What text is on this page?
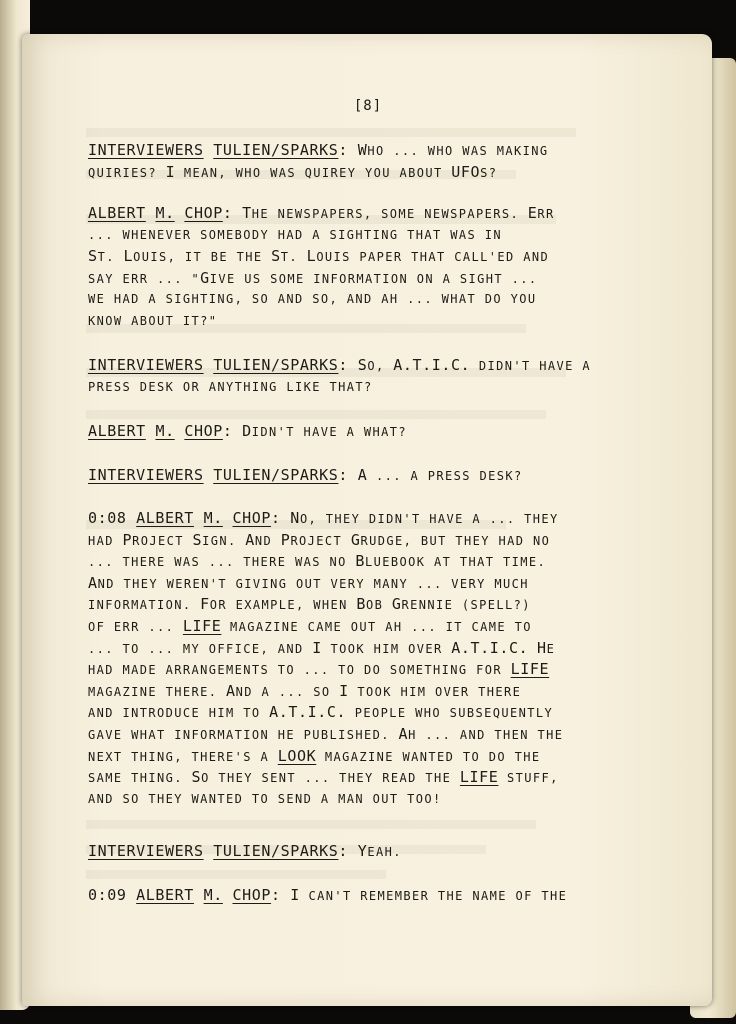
[8]
INTERVIEWERS TULIEN/SPARKS: WHO ... WHO WAS MAKING
QUIRIES? I MEAN, WHO WAS QUIREY YOU ABOUT UFOS?
ALBERT M. CHOP: THE NEWSPAPERS, SOME NEWSPAPERS. ERR
... WHENEVER SOMEBODY HAD A SIGHTING THAT WAS IN
ST. LOUIS, IT BE THE ST. LOUIS PAPER THAT CALL'ED AND
SAY ERR ... "GIVE US SOME INFORMATION ON A SIGHT ...
WE HAD A SIGHTING, SO AND SO, AND AH ... WHAT DO YOU
KNOW ABOUT IT?"
INTERVIEWERS TULIEN/SPARKS: SO, A.T.I.C. DIDN'T HAVE A
PRESS DESK OR ANYTHING LIKE THAT?
ALBERT M. CHOP: DIDN'T HAVE A WHAT?
INTERVIEWERS TULIEN/SPARKS: A ... A PRESS DESK?
0:08 ALBERT M. CHOP: NO, THEY DIDN'T HAVE A ... THEY
HAD PROJECT SIGN. AND PROJECT GRUDGE, BUT THEY HAD NO
... THERE WAS ... THERE WAS NO BLUEBOOK AT THAT TIME.
AND THEY WEREN'T GIVING OUT VERY MANY ... VERY MUCH
INFORMATION. FOR EXAMPLE, WHEN BOB GRENNIE (SPELL?)
OF ERR ... LIFE MAGAZINE CAME OUT AH ... IT CAME TO
... TO ... MY OFFICE, AND I TOOK HIM OVER A.T.I.C. HE
HAD MADE ARRANGEMENTS TO ... TO DO SOMETHING FOR LIFE
MAGAZINE THERE. AND A ... SO I TOOK HIM OVER THERE
AND INTRODUCE HIM TO A.T.I.C. PEOPLE WHO SUBSEQUENTLY
GAVE WHAT INFORMATION HE PUBLISHED. AH ... AND THEN THE
NEXT THING, THERE'S A LOOK MAGAZINE WANTED TO DO THE
SAME THING. SO THEY SENT ... THEY READ THE LIFE STUFF,
AND SO THEY WANTED TO SEND A MAN OUT TOO!
INTERVIEWERS TULIEN/SPARKS: YEAH.
0:09 ALBERT M. CHOP: I CAN'T REMEMBER THE NAME OF THE
